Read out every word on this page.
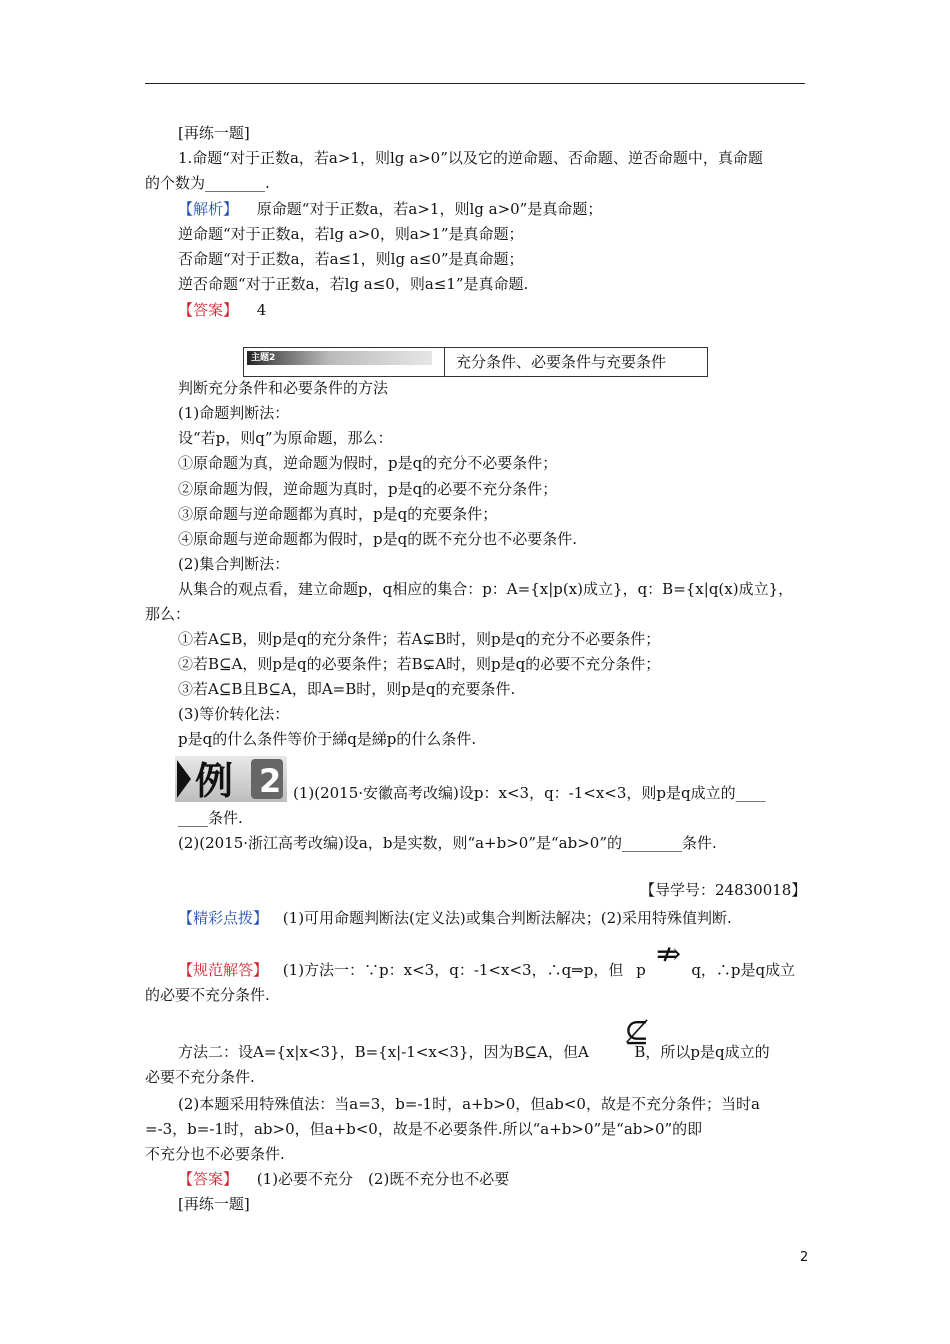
[再练一题]
1.命题“对于正数a，若a>1，则lg a>0”以及它的逆命题、否命题、逆否命题中，真命题
的个数为________.
【解析】 原命题“对于正数a，若a>1，则lg a>0”是真命题；
逆命题“对于正数a，若lg a>0，则a>1”是真命题；
否命题“对于正数a，若a≤1，则lg a≤0”是真命题；
逆否命题“对于正数a，若lg a≤0，则a≤1”是真命题.
【答案】 4
主题2	充分条件、必要条件与充要条件
判断充分条件和必要条件的方法
(1)命题判断法：
设“若p，则q”为原命题，那么：
①原命题为真，逆命题为假时，p是q的充分不必要条件；
②原命题为假，逆命题为真时，p是q的必要不充分条件；
③原命题与逆命题都为真时，p是q的充要条件；
④原命题与逆命题都为假时，p是q的既不充分也不必要条件.
(2)集合判断法：
从集合的观点看，建立命题p，q相应的集合：p：A={x|p(x)成立}，q：B={x|q(x)成立}，
那么：
①若A⊆B，则p是q的充分条件；若A⊊B时，则p是q的充分不必要条件；
②若B⊆A，则p是q的必要条件；若B⊊A时，则p是q的必要不充分条件；
③若A⊆B且B⊆A，即A=B时，则p是q的充要条件.
(3)等价转化法：
p是q的什么条件等价于綈q是綈p的什么条件.
例 2 (1)(2015·安徽高考改编)设p：x<3，q：-1<x<3，则p是q成立的____
____条件.
(2)(2015·浙江高考改编)设a，b是实数，则“a+b>0”是“ab>0”的________条件.
【导学号：24830018】
【精彩点拨】 (1)可用命题判断法(定义法)或集合判断法解决；(2)采用特殊值判断.
【规范解答】 (1)方法一：∵p：x<3，q：-1<x<3，∴q⇒p，但 p	q，∴p是q成立
⇏
的必要不充分条件.
方法二：设A={x|x<3}，B={x|-1<x<3}，因为B⊆A，但A	B，所以p是q成立的
⊈
必要不充分条件.
(2)本题采用特殊值法：当a=3，b=-1时，a+b>0，但ab<0，故是不充分条件；当时a
=-3，b=-1时，ab>0，但a+b<0，故是不必要条件.所以“a+b>0”是“ab>0”的即
不充分也不必要条件.
【答案】 (1)必要不充分　(2)既不充分也不必要
[再练一题]
2
